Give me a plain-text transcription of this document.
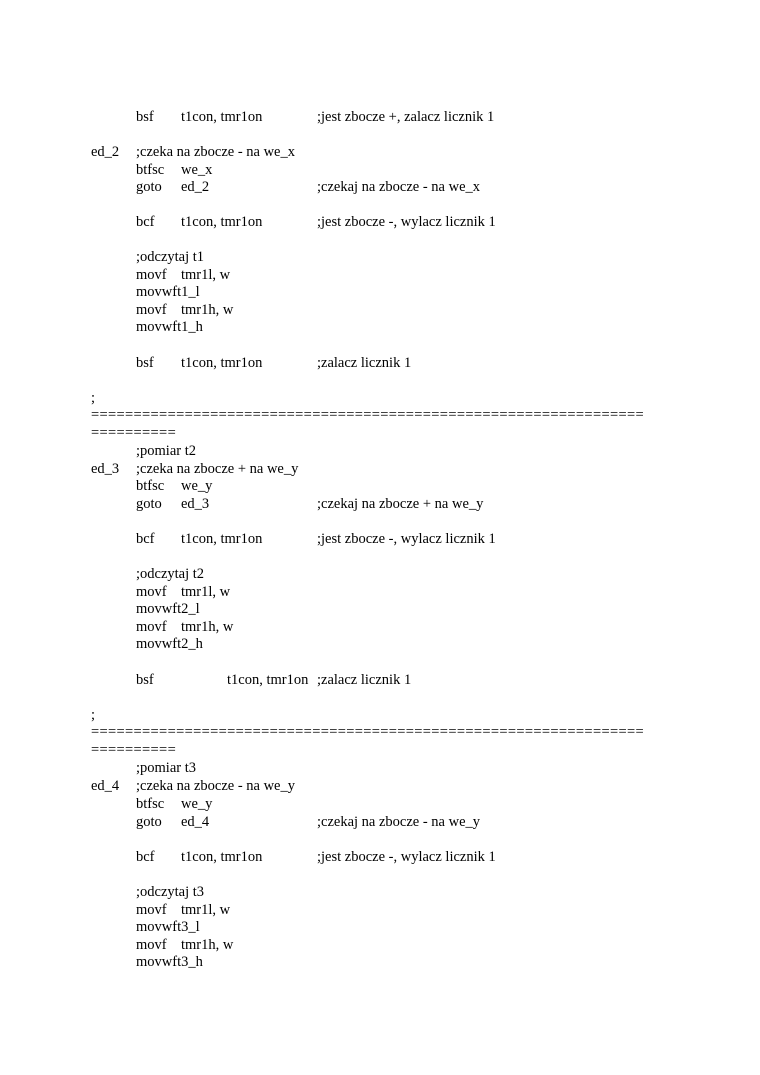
bsf t1con, tmr1on	;jest zbocze +, zalacz licznik 1
ed_2 ;czeka na zbocze - na we_x
btfsc we_x
goto ed_2	;czekaj na zbocze - na we_x
bcf t1con, tmr1on	;jest zbocze -, wylacz licznik 1
;odczytaj t1
movf tmr1l, w
movwft1_l
movf tmr1h, w
movwft1_h
bsf t1con, tmr1on	;zalacz licznik 1
;
=================================================================
==========
;pomiar t2
ed_3 ;czeka na zbocze + na we_y
btfsc we_y
goto ed_3	;czekaj na zbocze + na we_y
bcf t1con, tmr1on	;jest zbocze -, wylacz licznik 1
;odczytaj t2
movf tmr1l, w
movwft2_l
movf tmr1h, w
movwft2_h
bsf	t1con, tmr1on ;zalacz licznik 1
;
=================================================================
==========
;pomiar t3
ed_4 ;czeka na zbocze - na we_y
btfsc we_y
goto ed_4	;czekaj na zbocze - na we_y
bcf t1con, tmr1on	;jest zbocze -, wylacz licznik 1
;odczytaj t3
movf tmr1l, w
movwft3_l
movf tmr1h, w
movwft3_h
